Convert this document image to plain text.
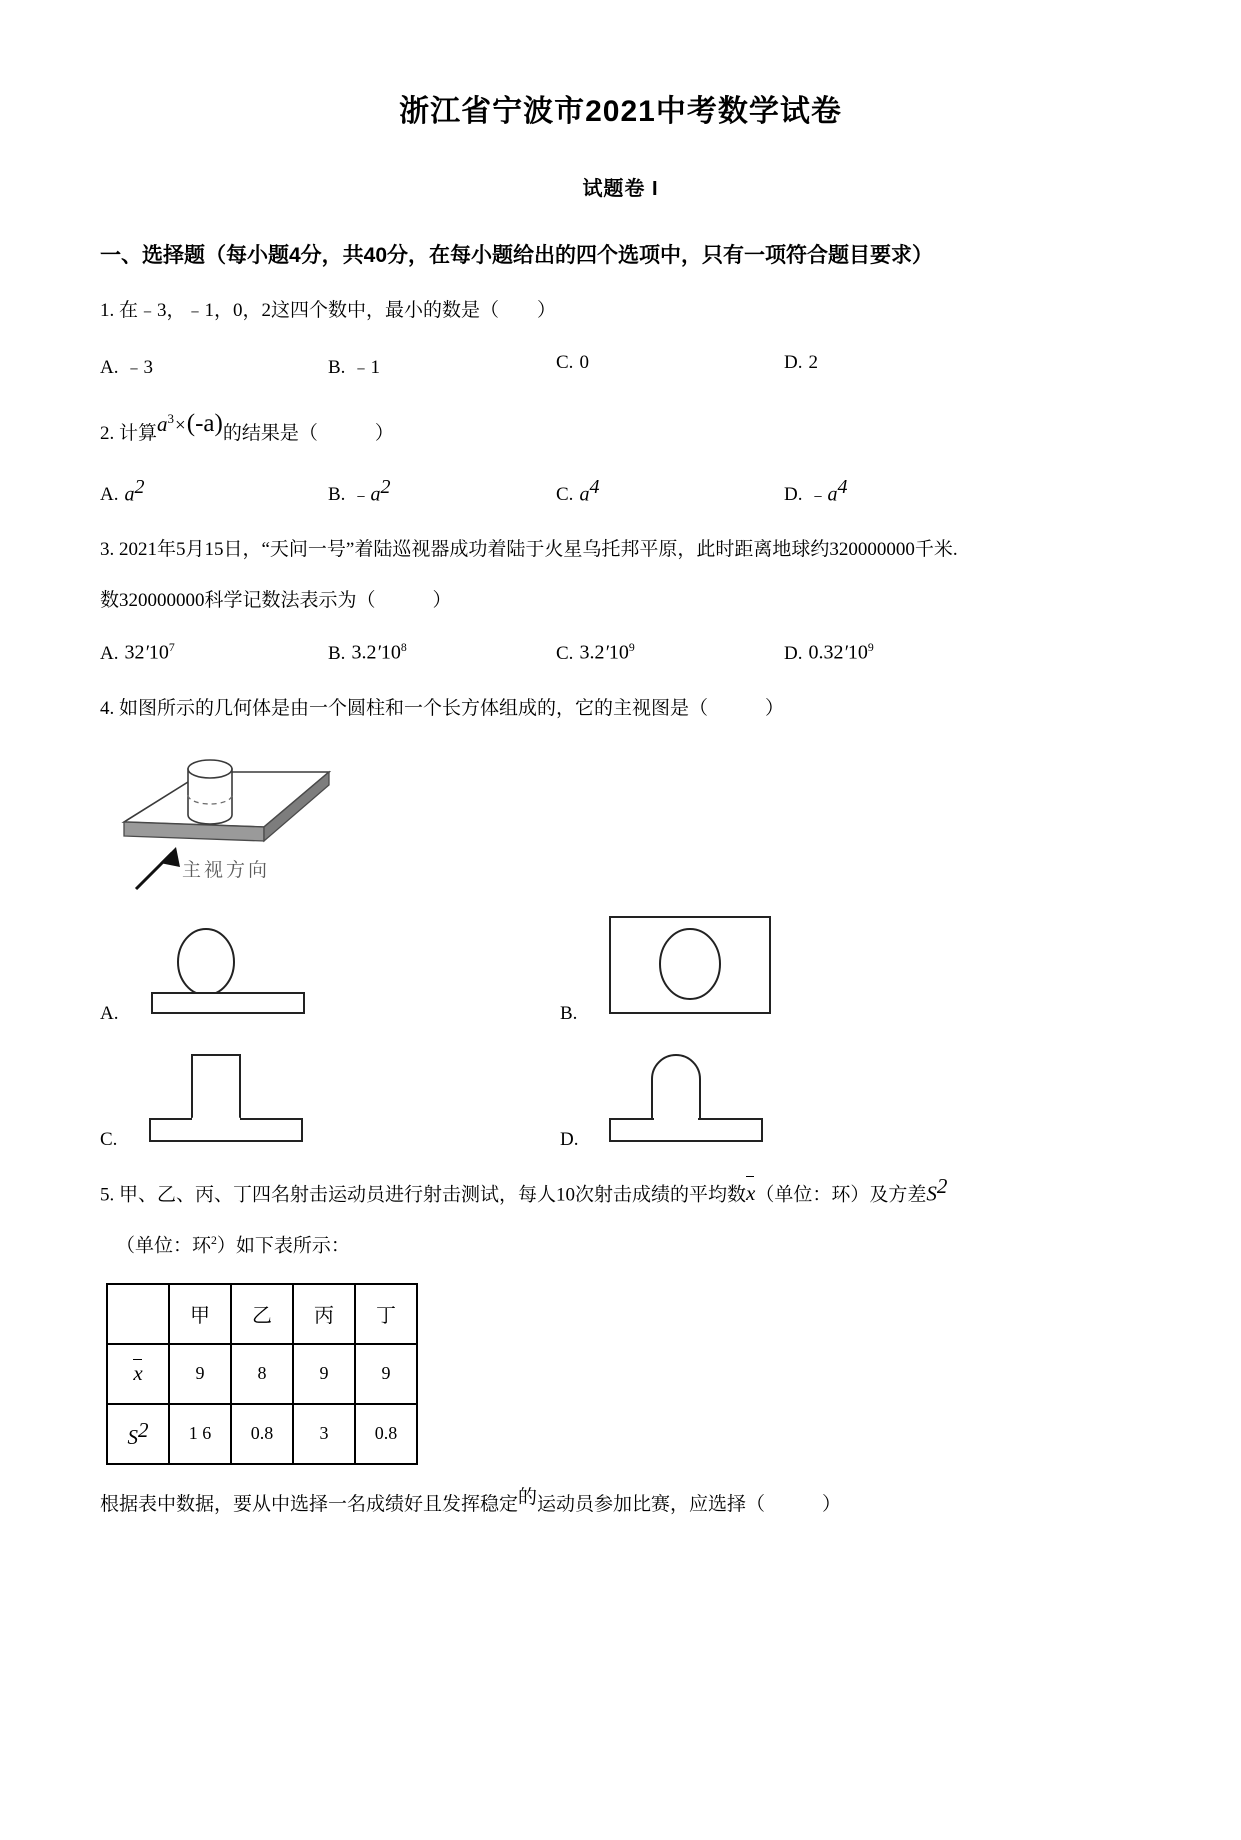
浙江省宁波市2021中考数学试卷
试题卷 I
一、选择题（每小题4分，共40分，在每小题给出的四个选项中，只有一项符合题目要求）
1. 在﹣3，﹣1，0，2这四个数中，最小的数是（　　）
A. ﹣3	B. ﹣1	C. 0	D. 2
2. 计算$a^3\times(-a)$的结果是（　　　）
A. $a^2$	B. $﹣a^2$	C. $a^4$	D. $﹣a^4$
3. 2021年5月15日，“天问一号”着陆巡视器成功着陆于火星乌托邦平原，此时距离地球约320000000千米.
数320000000科学记数法表示为（　　　）
A. $32'10^7$	B. $3.2'10^8$	C. $3.2'10^9$	D. $0.32'10^9$
4. 如图所示的几何体是由一个圆柱和一个长方体组成的，它的主视图是（　　　）
主视方向
A.	B.
C.	D.
5. 甲、乙、丙、丁四名射击运动员进行射击测试，每人10次射击成绩的平均数x（单位：环）及方差$S^2$
（单位：环$^2$）如下表所示：
	甲	乙	丙	丁
x	9	8	9	9
$S^2$	1 6	0.8	3	0.8
根据表中数据，要从中选择一名成绩好且发挥稳定的运动员参加比赛，应选择（　　　）
